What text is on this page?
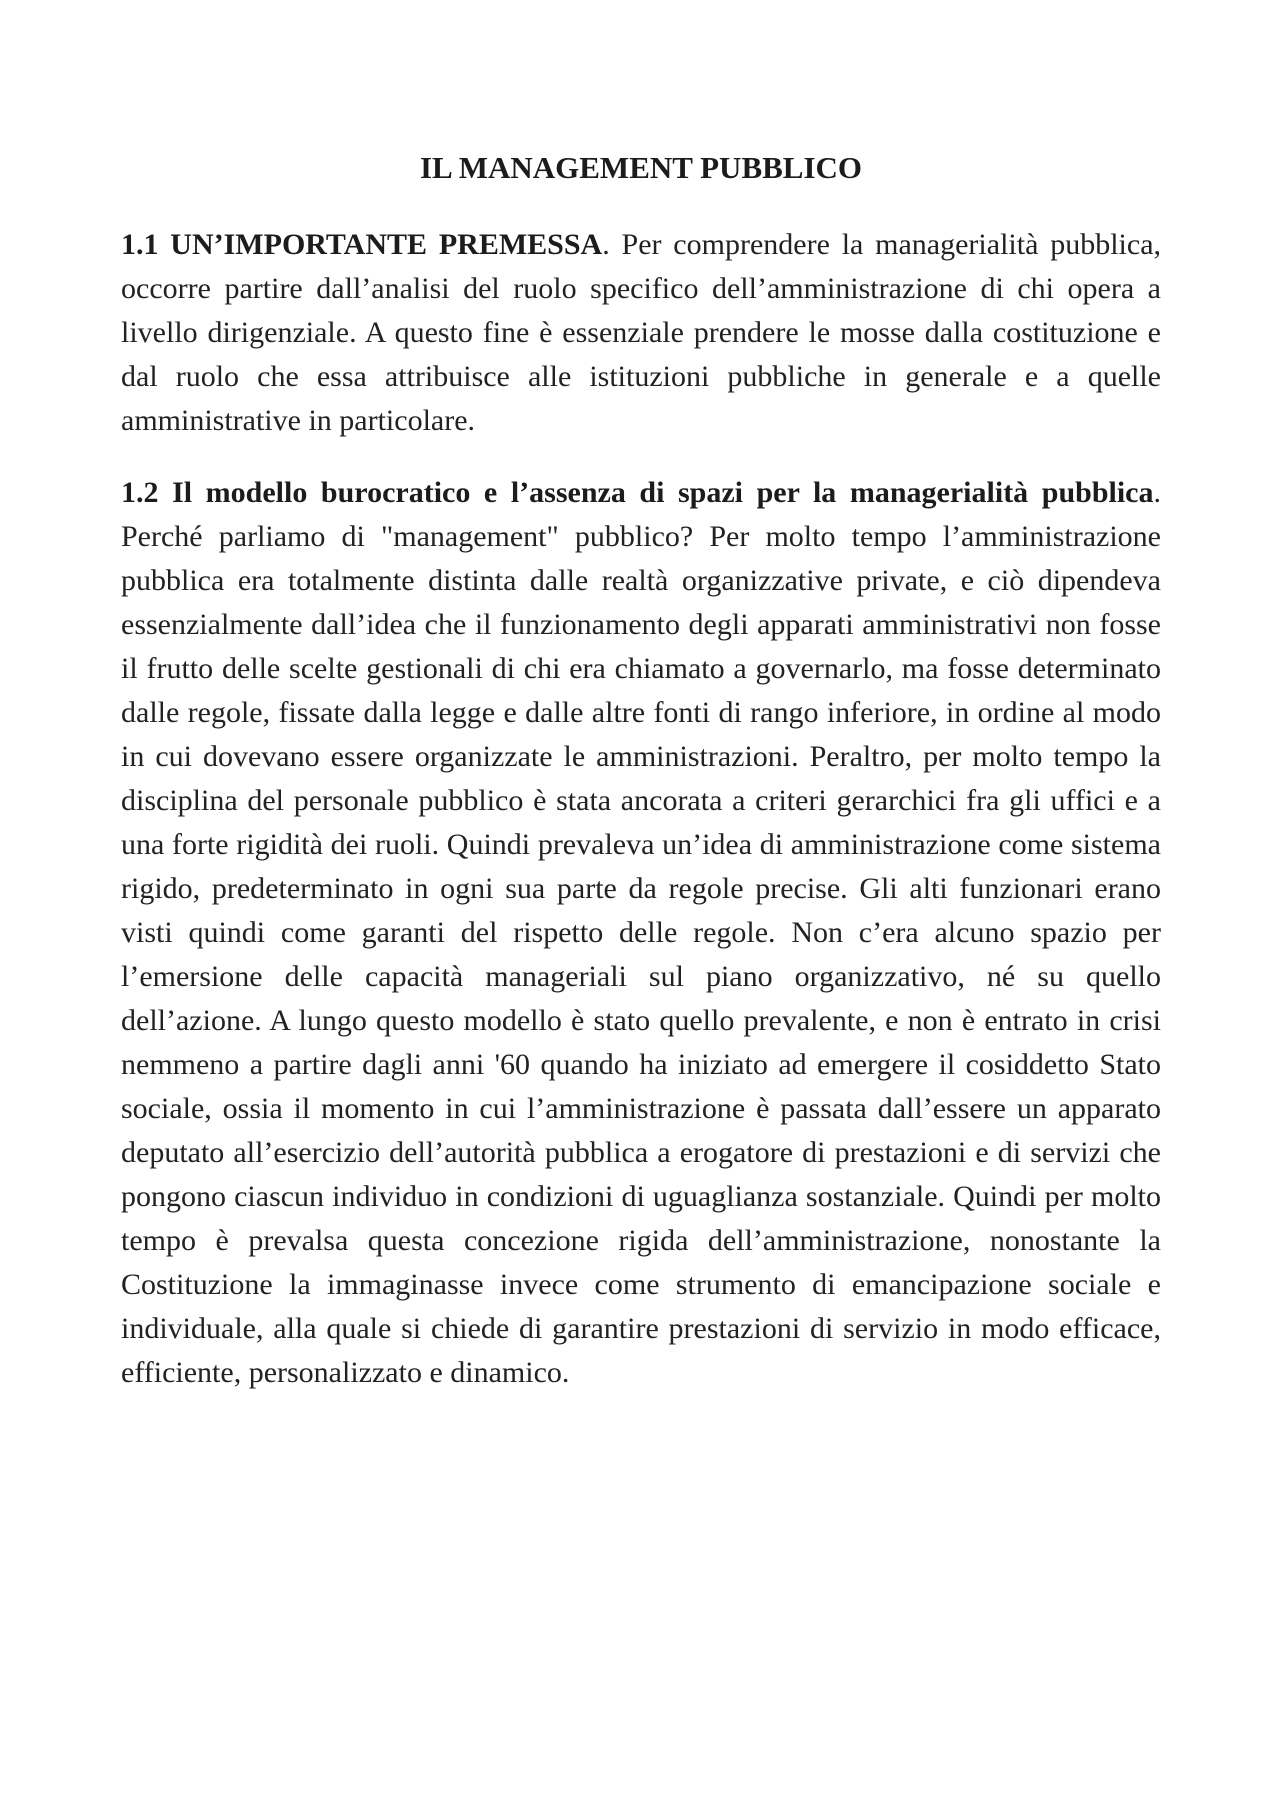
IL MANAGEMENT PUBBLICO

1.1 UN’IMPORTANTE PREMESSA. Per comprendere la managerialità pubblica, occorre partire dall’analisi del ruolo specifico dell’amministrazione di chi opera a livello dirigenziale. A questo fine è essenziale prendere le mosse dalla costituzione e dal ruolo che essa attribuisce alle istituzioni pubbliche in generale e a quelle amministrative in particolare.

1.2 Il modello burocratico e l’assenza di spazi per la managerialità pubblica. Perché parliamo di "management" pubblico? Per molto tempo l’amministrazione pubblica era totalmente distinta dalle realtà organizzative private, e ciò dipendeva essenzialmente dall’idea che il funzionamento degli apparati amministrativi non fosse il frutto delle scelte gestionali di chi era chiamato a governarlo, ma fosse determinato dalle regole, fissate dalla legge e dalle altre fonti di rango inferiore, in ordine al modo in cui dovevano essere organizzate le amministrazioni. Peraltro, per molto tempo la disciplina del personale pubblico è stata ancorata a criteri gerarchici fra gli uffici e a una forte rigidità dei ruoli. Quindi prevaleva un’idea di amministrazione come sistema rigido, predeterminato in ogni sua parte da regole precise. Gli alti funzionari erano visti quindi come garanti del rispetto delle regole. Non c’era alcuno spazio per l’emersione delle capacità manageriali sul piano organizzativo, né su quello dell’azione. A lungo questo modello è stato quello prevalente, e non è entrato in crisi nemmeno a partire dagli anni '60 quando ha iniziato ad emergere il cosiddetto Stato sociale, ossia il momento in cui l’amministrazione è passata dall’essere un apparato deputato all’esercizio dell’autorità pubblica a erogatore di prestazioni e di servizi che pongono ciascun individuo in condizioni di uguaglianza sostanziale. Quindi per molto tempo è prevalsa questa concezione rigida dell’amministrazione, nonostante la Costituzione la immaginasse invece come strumento di emancipazione sociale e individuale, alla quale si chiede di garantire prestazioni di servizio in modo efficace, efficiente, personalizzato e dinamico.
